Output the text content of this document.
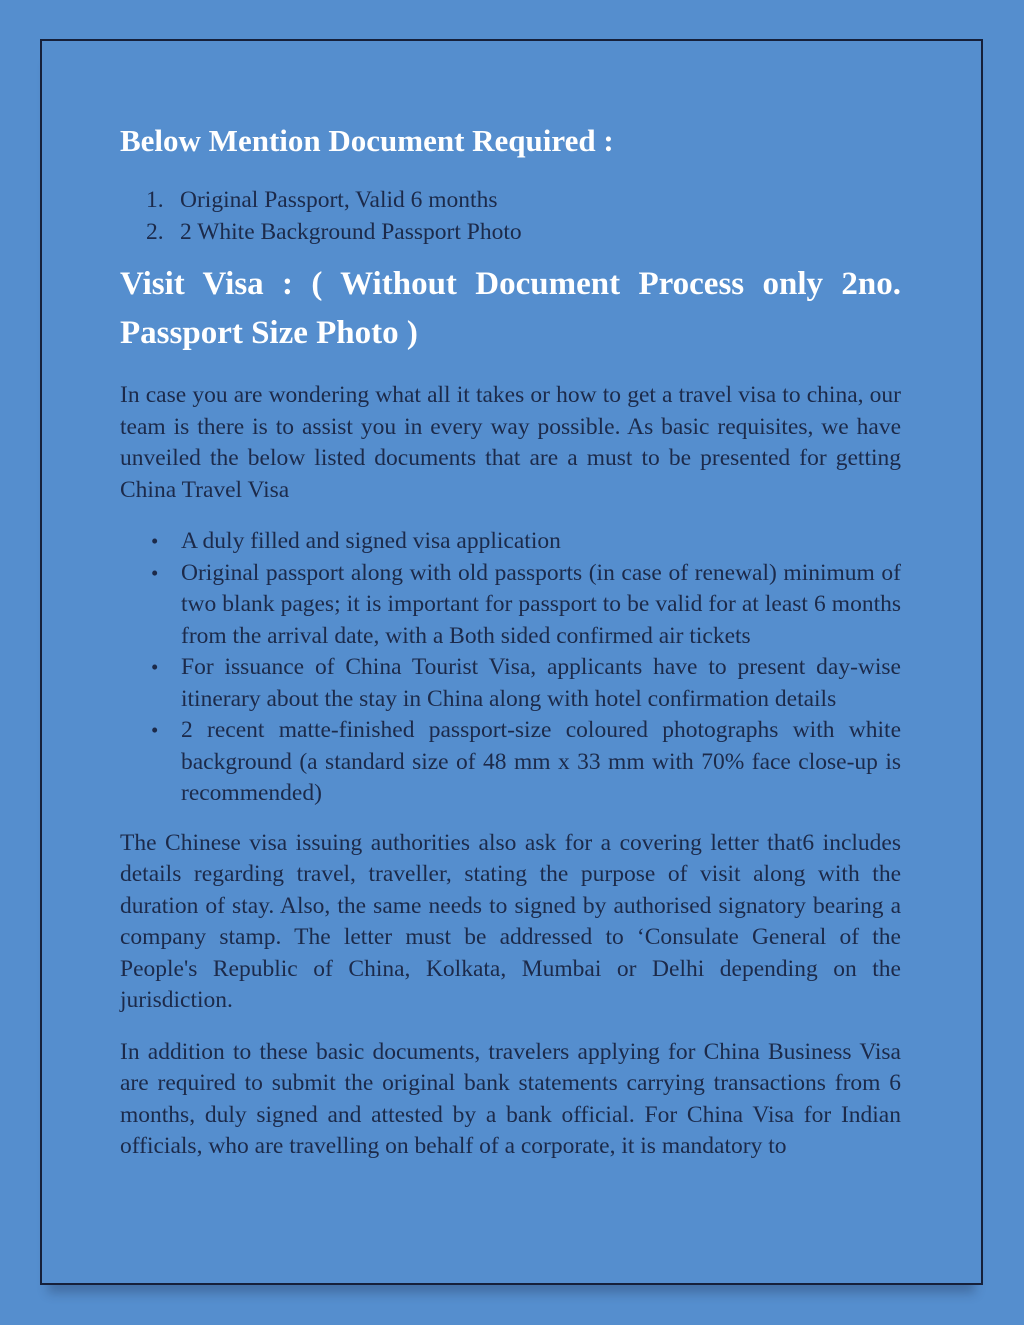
Below Mention Document Required :
Original Passport, Valid 6 months
2 White Background Passport Photo
Visit Visa : ( Without Document Process only 2no. Passport Size Photo )

In case you are wondering what all it takes or how to get a travel visa to china, our team is there is to assist you in every way possible. As basic requisites, we have unveiled the below listed documents that are a must to be presented for getting China Travel Visa

• A duly filled and signed visa application
• Original passport along with old passports (in case of renewal) minimum of two blank pages; it is important for passport to be valid for at least 6 months from the arrival date, with a Both sided confirmed air tickets
• For issuance of China Tourist Visa, applicants have to present day-wise itinerary about the stay in China along with hotel confirmation details
• 2 recent matte-finished passport-size coloured photographs with white background (a standard size of 48 mm x 33 mm with 70% face close-up is recommended)

The Chinese visa issuing authorities also ask for a covering letter that6 includes details regarding travel, traveller, stating the purpose of visit along with the duration of stay. Also, the same needs to signed by authorised signatory bearing a company stamp. The letter must be addressed to ‘Consulate General of the People's Republic of China, Kolkata, Mumbai or Delhi depending on the jurisdiction.

In addition to these basic documents, travelers applying for China Business Visa are required to submit the original bank statements carrying transactions from 6 months, duly signed and attested by a bank official. For China Visa for Indian officials, who are travelling on behalf of a corporate, it is mandatory to
